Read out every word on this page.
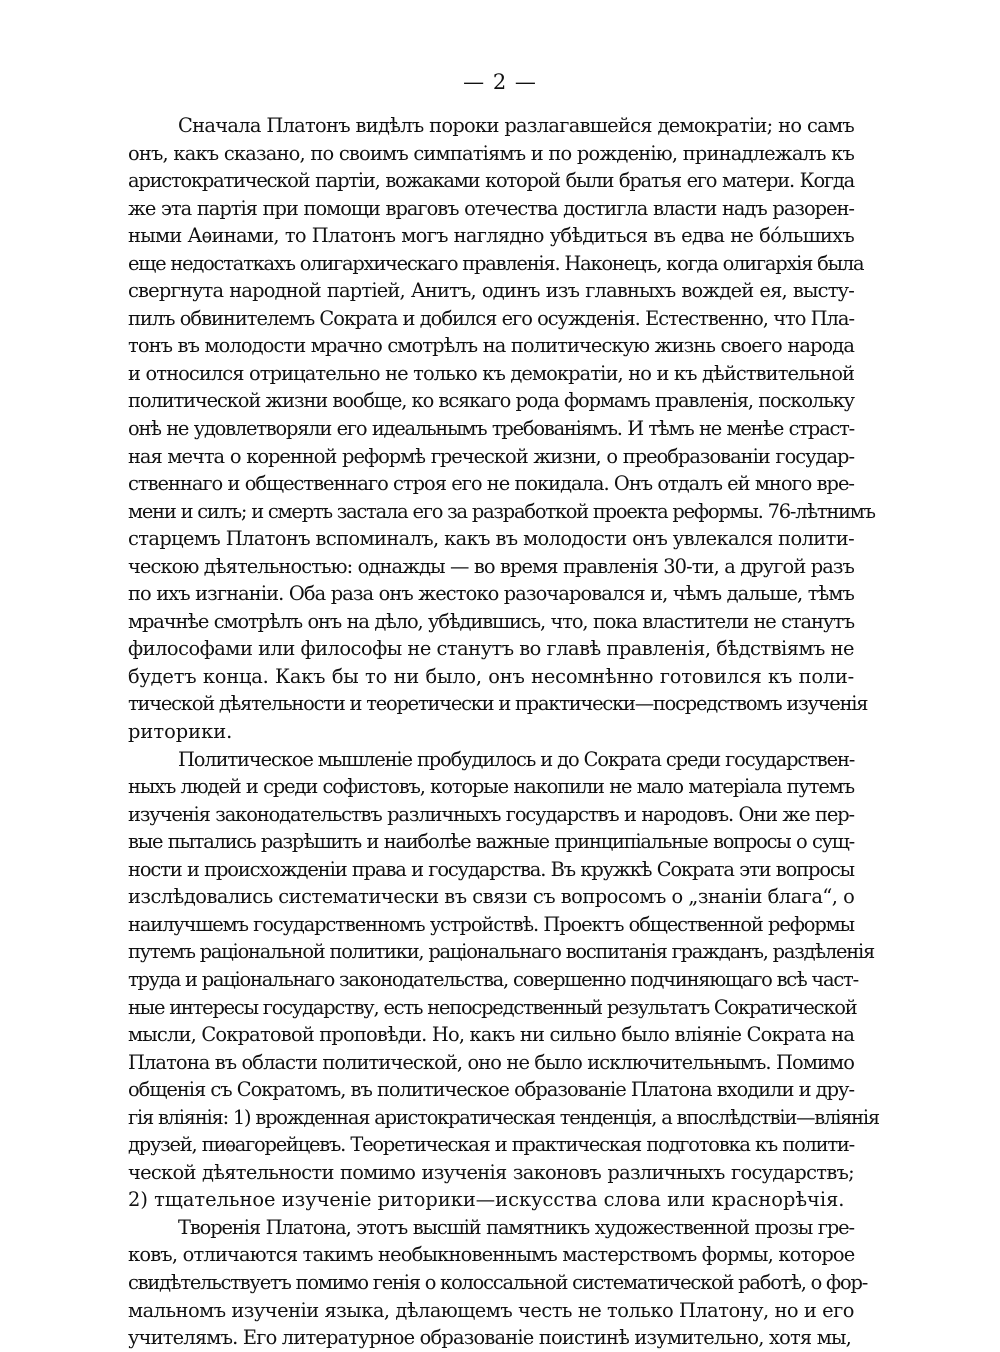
— 2 —
Сначала Платонъ видѣлъ пороки разлагавшейся демократіи; но самъ
онъ, какъ сказано, по своимъ симпатіямъ и по рожденію, принадлежалъ къ
аристократической партіи, вожаками которой были братья его матери. Когда
же эта партія при помощи враговъ отечества достигла власти надъ разорен-
ными Аѳинами, то Платонъ могъ наглядно убѣдиться въ едва не бо́льшихъ
еще недостаткахъ олигархическаго правленія. Наконецъ, когда олигархія была
свергнута народной партіей, Анитъ, одинъ изъ главныхъ вождей ея, высту-
пилъ обвинителемъ Сократа и добился его осужденія. Естественно, что Пла-
тонъ въ молодости мрачно смотрѣлъ на политическую жизнь своего народа
и относился отрицательно не только къ демократіи, но и къ дѣйствительной
политической жизни вообще, ко всякаго рода формамъ правленія, поскольку
онѣ не удовлетворяли его идеальнымъ требованіямъ. И тѣмъ не менѣе страст-
ная мечта о коренной реформѣ греческой жизни, о преобразованіи государ-
ственнаго и общественнаго строя его не покидала. Онъ отдалъ ей много вре-
мени и силъ; и смерть застала его за разработкой проекта реформы. 76-лѣтнимъ
старцемъ Платонъ вспоминалъ, какъ въ молодости онъ увлекался полити-
ческою дѣятельностью: однажды — во время правленія 30-ти, а другой разъ
по ихъ изгнаніи. Оба раза онъ жестоко разочаровался и, чѣмъ дальше, тѣмъ
мрачнѣе смотрѣлъ онъ на дѣло, убѣдившись, что, пока властители не станутъ
философами или философы не станутъ во главѣ правленія, бѣдствіямъ не
будетъ конца. Какъ бы то ни было, онъ несомнѣнно готовился къ поли-
тической дѣятельности и теоретически и практически—посредствомъ изученія
риторики.
Политическое мышленіе пробудилось и до Сократа среди государствен-
ныхъ людей и среди софистовъ, которые накопили не мало матеріала путемъ
изученія законодательствъ различныхъ государствъ и народовъ. Они же пер-
вые пытались разрѣшить и наиболѣе важные принципіальные вопросы о сущ-
ности и происхожденіи права и государства. Въ кружкѣ Сократа эти вопросы
изслѣдовались систематически въ связи съ вопросомъ о „знаніи блага“, о
наилучшемъ государственномъ устройствѣ. Проектъ общественной реформы
путемъ раціональной политики, раціональнаго воспитанія гражданъ, раздѣленія
труда и раціональнаго законодательства, совершенно подчиняющаго всѣ част-
ные интересы государству, есть непосредственный результатъ Сократической
мысли, Сократовой проповѣди. Но, какъ ни сильно было вліяніе Сократа на
Платона въ области политической, оно не было исключительнымъ. Помимо
общенія съ Сократомъ, въ политическое образованіе Платона входили и дру-
гія вліянія: 1) врожденная аристократическая тенденція, а впослѣдствіи—вліянія
друзей, пиѳагорейцевъ. Теоретическая и практическая подготовка къ полити-
ческой дѣятельности помимо изученія законовъ различныхъ государствъ;
2) тщательное изученіе риторики—искусства слова или краснорѣчія.
Творенія Платона, этотъ высшій памятникъ художественной прозы гре-
ковъ, отличаются такимъ необыкновеннымъ мастерствомъ формы, которое
свидѣтельствуетъ помимо генія о колоссальной систематической работѣ, о фор-
мальномъ изученіи языка, дѣлающемъ честь не только Платону, но и его
учителямъ. Его литературное образованіе поистинѣ изумительно, хотя мы,
